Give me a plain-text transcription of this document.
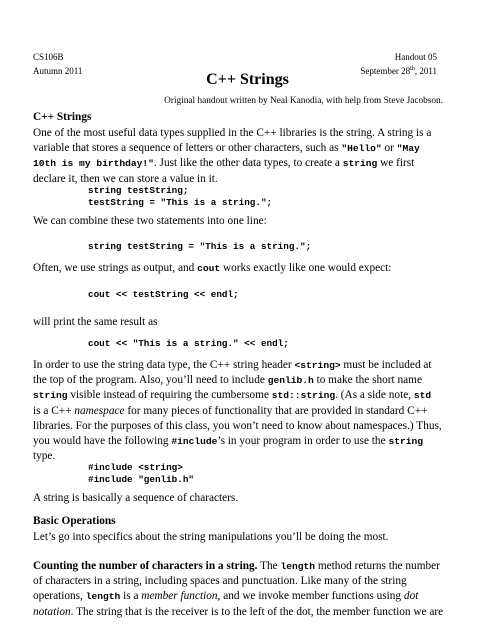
CS106B
Autumn 2011
Handout 05
September 28th, 2011
C++ Strings
Original handout written by Neal Kanodia, with help from Steve Jacobson.
C++ Strings
One of the most useful data types supplied in the C++ libraries is the string. A string is a
variable that stores a sequence of letters or other characters, such as "Hello" or "May
10th is my birthday!". Just like the other data types, to create a string we first
declare it, then we can store a value in it.
string testString;
testString = "This is a string.";
We can combine these two statements into one line:
string testString = "This is a string.";
Often, we use strings as output, and cout works exactly like one would expect:
cout << testString << endl;
will print the same result as
cout << "This is a string." << endl;
In order to use the string data type, the C++ string header <string> must be included at
the top of the program. Also, you’ll need to include genlib.h to make the short name
string visible instead of requiring the cumbersome std::string. (As a side note, std
is a C++ namespace for many pieces of functionality that are provided in standard C++
libraries. For the purposes of this class, you won’t need to know about namespaces.) Thus,
you would have the following #include’s in your program in order to use the string
type.
#include <string>
#include "genlib.h"
A string is basically a sequence of characters.
Basic Operations
Let’s go into specifics about the string manipulations you’ll be doing the most.
Counting the number of characters in a string. The length method returns the number
of characters in a string, including spaces and punctuation. Like many of the string
operations, length is a member function, and we invoke member functions using dot
notation. The string that is the receiver is to the left of the dot, the member function we are
